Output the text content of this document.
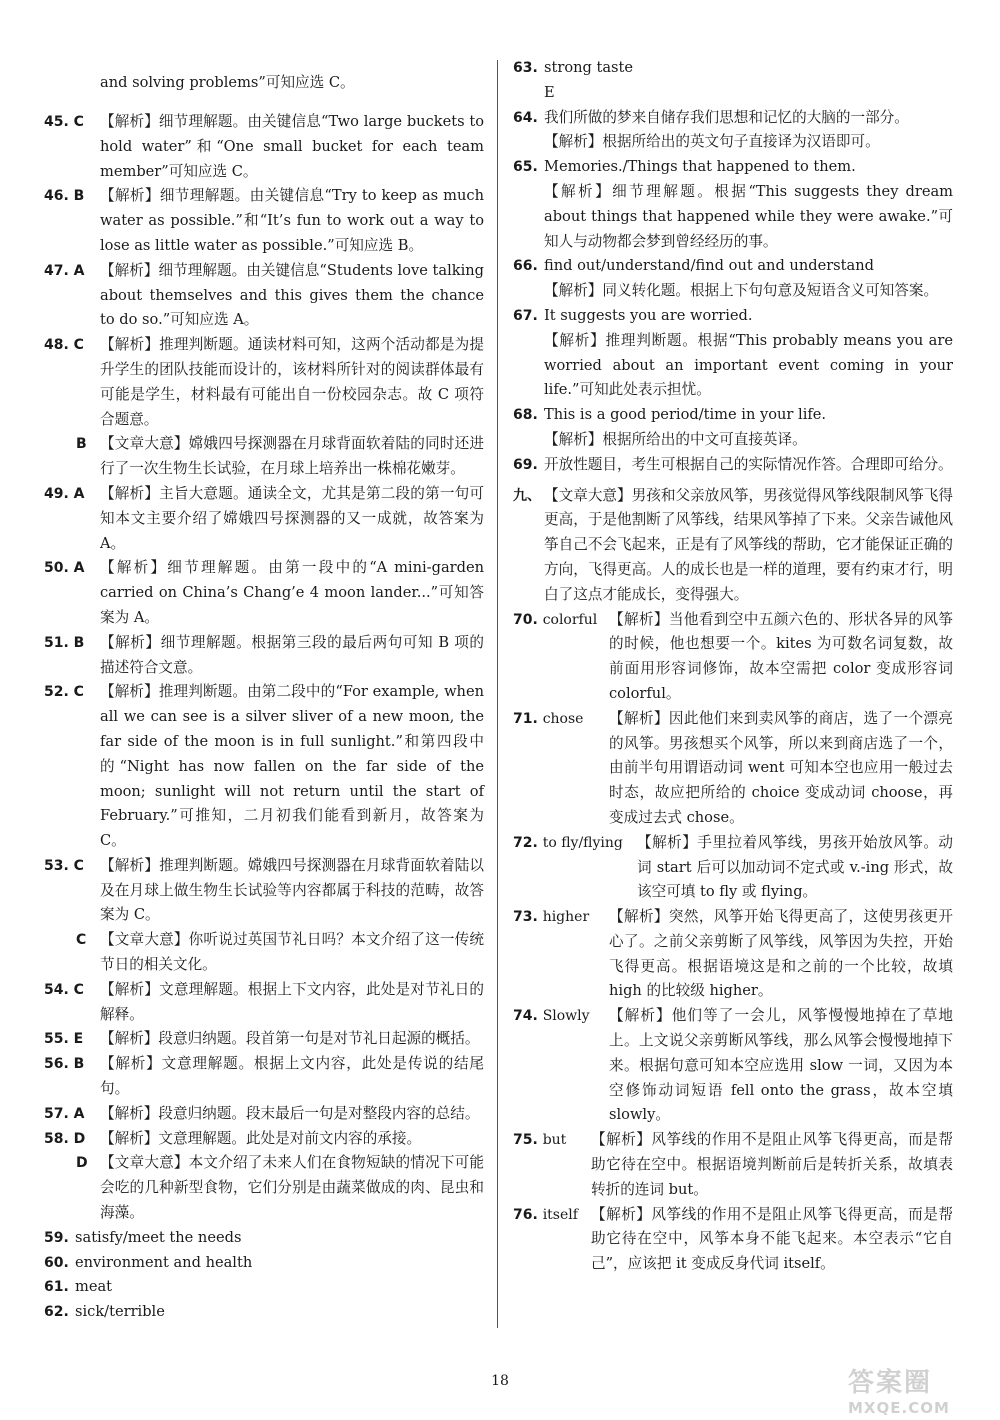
and solving problems”可知应选 C。

45. C	【解析】细节理解题。由关键信息“Two large buckets to hold water”和“One small bucket for each team member”可知应选 C。
46. B	【解析】细节理解题。由关键信息“Try to keep as much water as possible.”和“It’s fun to work out a way to lose as little water as possible.”可知应选 B。
47. A	【解析】细节理解题。由关键信息“Students love talking about themselves and this gives them the chance to do so.”可知应选 A。
48. C	【解析】推理判断题。通读材料可知，这两个活动都是为提升学生的团队技能而设计的，该材料所针对的阅读群体最有可能是学生，材料最有可能出自一份校园杂志。故 C 项符合题意。
B 【文章大意】嫦娥四号探测器在月球背面软着陆的同时还进行了一次生物生长试验，在月球上培养出一株棉花嫩芽。
49. A	【解析】主旨大意题。通读全文，尤其是第二段的第一句可知本文主要介绍了嫦娥四号探测器的又一成就，故答案为 A。
50. A	【解析】细节理解题。由第一段中的“A mini-garden carried on China’s Chang’e 4 moon lander...”可知答案为 A。
51. B	【解析】细节理解题。根据第三段的最后两句可知 B 项的描述符合文意。
52. C	【解析】推理判断题。由第二段中的“For example, when all we can see is a silver sliver of a new moon, the far side of the moon is in full sunlight.”和第四段中的“Night has now fallen on the far side of the moon; sunlight will not return until the start of February.”可推知，二月初我们能看到新月，故答案为 C。
53. C	【解析】推理判断题。嫦娥四号探测器在月球背面软着陆以及在月球上做生物生长试验等内容都属于科技的范畴，故答案为 C。
C 【文章大意】你听说过英国节礼日吗？本文介绍了这一传统节日的相关文化。
54. C	【解析】文意理解题。根据上下文内容，此处是对节礼日的解释。
55. E	【解析】段意归纳题。段首第一句是对节礼日起源的概括。
56. B	【解析】文意理解题。根据上文内容，此处是传说的结尾句。
57. A	【解析】段意归纳题。段末最后一句是对整段内容的总结。
58. D	【解析】文意理解题。此处是对前文内容的承接。
D 【文章大意】本文介绍了未来人们在食物短缺的情况下可能会吃的几种新型食物，它们分别是由蔬菜做成的肉、昆虫和海藻。
59. satisfy/meet the needs
60. environment and health
61. meat
62. sick/terrible
63. strong taste
E
64. 我们所做的梦来自储存我们思想和记忆的大脑的一部分。
【解析】根据所给出的英文句子直接译为汉语即可。
65. Memories./Things that happened to them.
【解析】细节理解题。根据“This suggests they dream about things that happened while they were awake.”可知人与动物都会梦到曾经经历的事。
66. find out/understand/find out and understand
【解析】同义转化题。根据上下句句意及短语含义可知答案。
67. It suggests you are worried.
【解析】推理判断题。根据“This probably means you are worried about an important event coming in your life.”可知此处表示担忧。
68. This is a good period/time in your life.
【解析】根据所给出的中文可直接英译。
69. 开放性题目，考生可根据自己的实际情况作答。合理即可给分。
九、 【文章大意】男孩和父亲放风筝，男孩觉得风筝线限制风筝飞得更高，于是他割断了风筝线，结果风筝掉了下来。父亲告诫他风筝自己不会飞起来，正是有了风筝线的帮助，它才能保证正确的方向，飞得更高。人的成长也是一样的道理，要有约束才行，明白了这点才能成长，变得强大。
70. colorful 【解析】当他看到空中五颜六色的、形状各异的风筝的时候，他也想要一个。kites 为可数名词复数，故前面用形容词修饰，故本空需把 color 变成形容词 colorful。
71. chose 【解析】因此他们来到卖风筝的商店，选了一个漂亮的风筝。男孩想买个风筝，所以来到商店选了一个，由前半句用谓语动词 went 可知本空也应用一般过去时态，故应把所给的 choice 变成动词 choose，再变成过去式 chose。
72. to fly/flying 【解析】手里拉着风筝线，男孩开始放风筝。动词 start 后可以加动词不定式或 v.-ing 形式，故该空可填 to fly 或 flying。
73. higher 【解析】突然，风筝开始飞得更高了，这使男孩更开心了。之前父亲剪断了风筝线，风筝因为失控，开始飞得更高。根据语境这是和之前的一个比较，故填 high 的比较级 higher。
74. Slowly 【解析】他们等了一会儿，风筝慢慢地掉在了草地上。上文说父亲剪断风筝线，那么风筝会慢慢地掉下来。根据句意可知本空应选用 slow 一词，又因为本空修饰动词短语 fell onto the grass，故本空填 slowly。
75. but 【解析】风筝线的作用不是阻止风筝飞得更高，而是帮助它待在空中。根据语境判断前后是转折关系，故填表转折的连词 but。
76. itself 【解析】风筝线的作用不是阻止风筝飞得更高，而是帮助它待在空中，风筝本身不能飞起来。本空表示“它自己”，应该把 it 变成反身代词 itself。
18	答案圈
MXQE.COM
